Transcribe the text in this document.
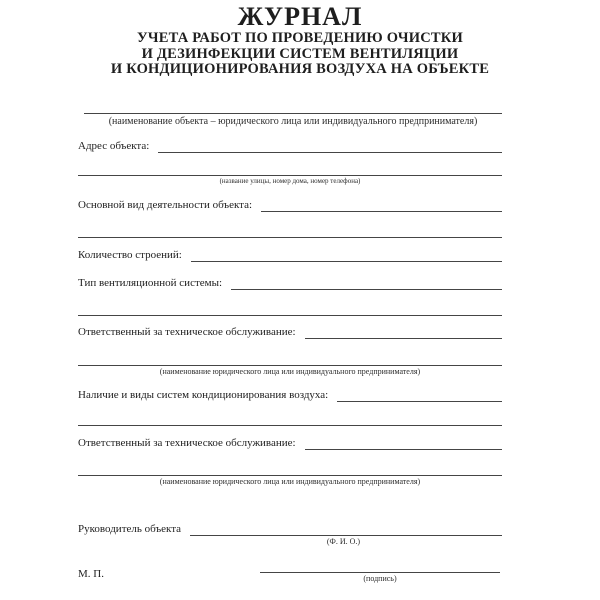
ЖУРНАЛ
УЧЕТА РАБОТ ПО ПРОВЕДЕНИЮ ОЧИСТКИ
И ДЕЗИНФЕКЦИИ СИСТЕМ ВЕНТИЛЯЦИИ
И КОНДИЦИОНИРОВАНИЯ ВОЗДУХА НА ОБЪЕКТЕ
(наименование объекта – юридического лица или индивидуального предпринимателя)
Адрес объекта:
(название улицы, номер дома, номер телефона)
Основной вид деятельности объекта:
Количество строений:
Тип вентиляционной системы:
Ответственный за техническое обслуживание:
(наименование юридического лица или индивидуального предпринимателя)
Наличие и виды систем кондиционирования воздуха:
Ответственный за техническое обслуживание:
(наименование юридического лица или индивидуального предпринимателя)
Руководитель объекта
(Ф. И. О.)
М. П.	(подпись)
